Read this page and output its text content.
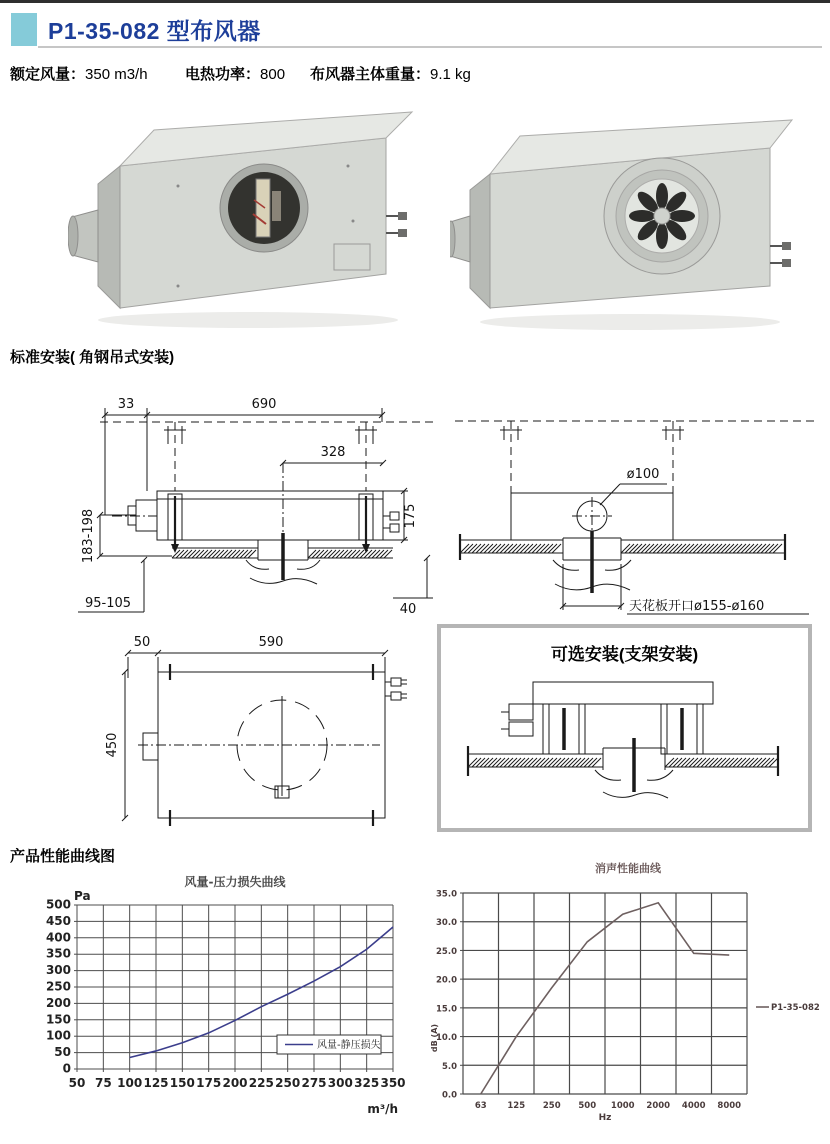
P1-35-082 型布风器
额定风量：350 m3/h 电热功率：800 布风器主体重量：9.1 kg
标准安装( 角钢吊式安装)
33	690
328
183-198	175
40
95-105
ø100
天花板开口ø155-ø160
50	590
450
可选安装(支架安装)
产品性能曲线图
50 75 100 125 150 175 200 225 250 275 300 325 350
0
50
100
150
200
250
300
350
400
450
500
风量-压力损失曲线
Pa
m³/h
风量-静压损失
63 125 250 500 1000 2000 4000 8000
0.0
5.0
10.0
15.0
20.0
25.0
30.0
35.0
消声性能曲线
dB (A)
Hz
P1-35-082
